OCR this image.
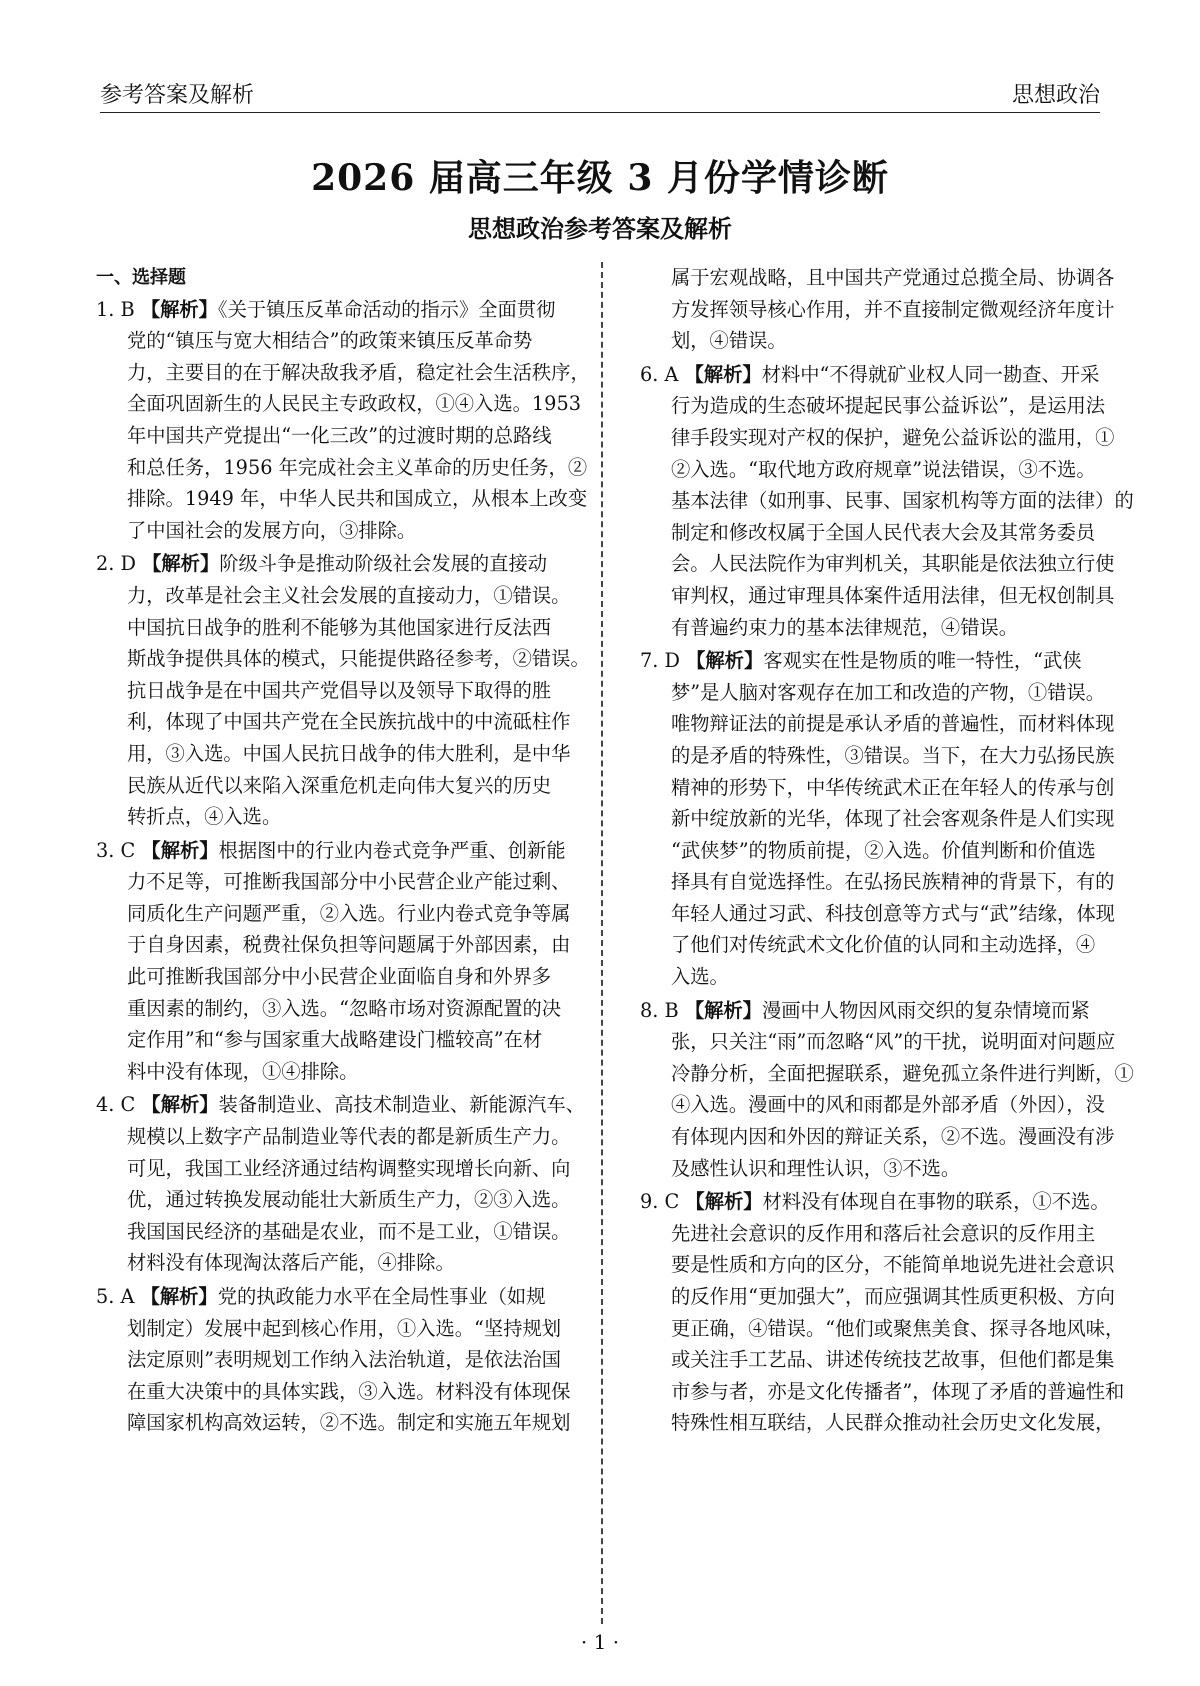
参考答案及解析	思想政治
2026 届高三年级 3 月份学情诊断
思想政治参考答案及解析

一、选择题

1. B 【解析】《关于镇压反革命活动的指示》全面贯彻
党的“镇压与宽大相结合”的政策来镇压反革命势
力，主要目的在于解决敌我矛盾，稳定社会生活秩序，
全面巩固新生的人民民主专政政权，①④入选。1953
年中国共产党提出“一化三改”的过渡时期的总路线
和总任务，1956 年完成社会主义革命的历史任务，②
排除。1949 年，中华人民共和国成立，从根本上改变
了中国社会的发展方向，③排除。
2. D 【解析】阶级斗争是推动阶级社会发展的直接动
力，改革是社会主义社会发展的直接动力，①错误。
中国抗日战争的胜利不能够为其他国家进行反法西
斯战争提供具体的模式，只能提供路径参考，②错误。
抗日战争是在中国共产党倡导以及领导下取得的胜
利，体现了中国共产党在全民族抗战中的中流砥柱作
用，③入选。中国人民抗日战争的伟大胜利，是中华
民族从近代以来陷入深重危机走向伟大复兴的历史
转折点，④入选。
3. C 【解析】根据图中的行业内卷式竞争严重、创新能
力不足等，可推断我国部分中小民营企业产能过剩、
同质化生产问题严重，②入选。行业内卷式竞争等属
于自身因素，税费社保负担等问题属于外部因素，由
此可推断我国部分中小民营企业面临自身和外界多
重因素的制约，③入选。“忽略市场对资源配置的决
定作用”和“参与国家重大战略建设门槛较高”在材
料中没有体现，①④排除。
4. C 【解析】装备制造业、高技术制造业、新能源汽车、
规模以上数字产品制造业等代表的都是新质生产力。
可见，我国工业经济通过结构调整实现增长向新、向
优，通过转换发展动能壮大新质生产力，②③入选。
我国国民经济的基础是农业，而不是工业，①错误。
材料没有体现淘汰落后产能，④排除。
5. A 【解析】党的执政能力水平在全局性事业（如规
划制定）发展中起到核心作用，①入选。“坚持规划
法定原则”表明规划工作纳入法治轨道，是依法治国
在重大决策中的具体实践，③入选。材料没有体现保
障国家机构高效运转，②不选。制定和实施五年规划
属于宏观战略，且中国共产党通过总揽全局、协调各
方发挥领导核心作用，并不直接制定微观经济年度计
划，④错误。
6. A 【解析】材料中“不得就矿业权人同一勘查、开采
行为造成的生态破坏提起民事公益诉讼”，是运用法
律手段实现对产权的保护，避免公益诉讼的滥用，①
②入选。“取代地方政府规章”说法错误，③不选。
基本法律（如刑事、民事、国家机构等方面的法律）的
制定和修改权属于全国人民代表大会及其常务委员
会。人民法院作为审判机关，其职能是依法独立行使
审判权，通过审理具体案件适用法律，但无权创制具
有普遍约束力的基本法律规范，④错误。
7. D 【解析】客观实在性是物质的唯一特性，“武侠
梦”是人脑对客观存在加工和改造的产物，①错误。
唯物辩证法的前提是承认矛盾的普遍性，而材料体现
的是矛盾的特殊性，③错误。当下，在大力弘扬民族
精神的形势下，中华传统武术正在年轻人的传承与创
新中绽放新的光华，体现了社会客观条件是人们实现
“武侠梦”的物质前提，②入选。价值判断和价值选
择具有自觉选择性。在弘扬民族精神的背景下，有的
年轻人通过习武、科技创意等方式与“武”结缘，体现
了他们对传统武术文化价值的认同和主动选择，④
入选。
8. B 【解析】漫画中人物因风雨交织的复杂情境而紧
张，只关注“雨”而忽略“风”的干扰，说明面对问题应
冷静分析，全面把握联系，避免孤立条件进行判断，①
④入选。漫画中的风和雨都是外部矛盾（外因），没
有体现内因和外因的辩证关系，②不选。漫画没有涉
及感性认识和理性认识，③不选。
9. C 【解析】材料没有体现自在事物的联系，①不选。
先进社会意识的反作用和落后社会意识的反作用主
要是性质和方向的区分，不能简单地说先进社会意识
的反作用“更加强大”，而应强调其性质更积极、方向
更正确，④错误。“他们或聚焦美食、探寻各地风味，
或关注手工艺品、讲述传统技艺故事，但他们都是集
市参与者，亦是文化传播者”，体现了矛盾的普遍性和
特殊性相互联结，人民群众推动社会历史文化发展，
· 1 ·
